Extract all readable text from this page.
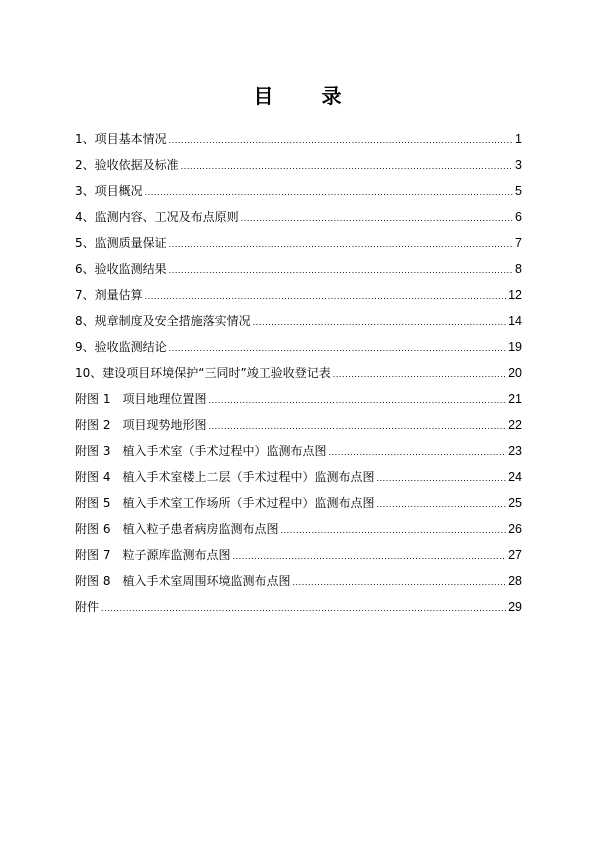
目　录
1、项目基本情况 .....	1
2、验收依据及标准 .....	3
3、项目概况 .....	5
4、监测内容、工况及布点原则 .....	6
5、监测质量保证 .....	7
6、验收监测结果 .....	8
7、剂量估算 .....	12
8、规章制度及安全措施落实情况 .....	14
9、验收监测结论 .....	19
10、建设项目环境保护“三同时”竣工验收登记表 .....	20
附图 1　项目地理位置图 .....	21
附图 2　项目现势地形图 .....	22
附图 3　植入手术室（手术过程中）监测布点图 .....	23
附图 4　植入手术室楼上二层（手术过程中）监测布点图 .....	24
附图 5　植入手术室工作场所（手术过程中）监测布点图 .....	25
附图 6　植入粒子患者病房监测布点图 .....	26
附图 7　粒子源库监测布点图 .....	27
附图 8　植入手术室周围环境监测布点图 .....	28
附件 .....	29
